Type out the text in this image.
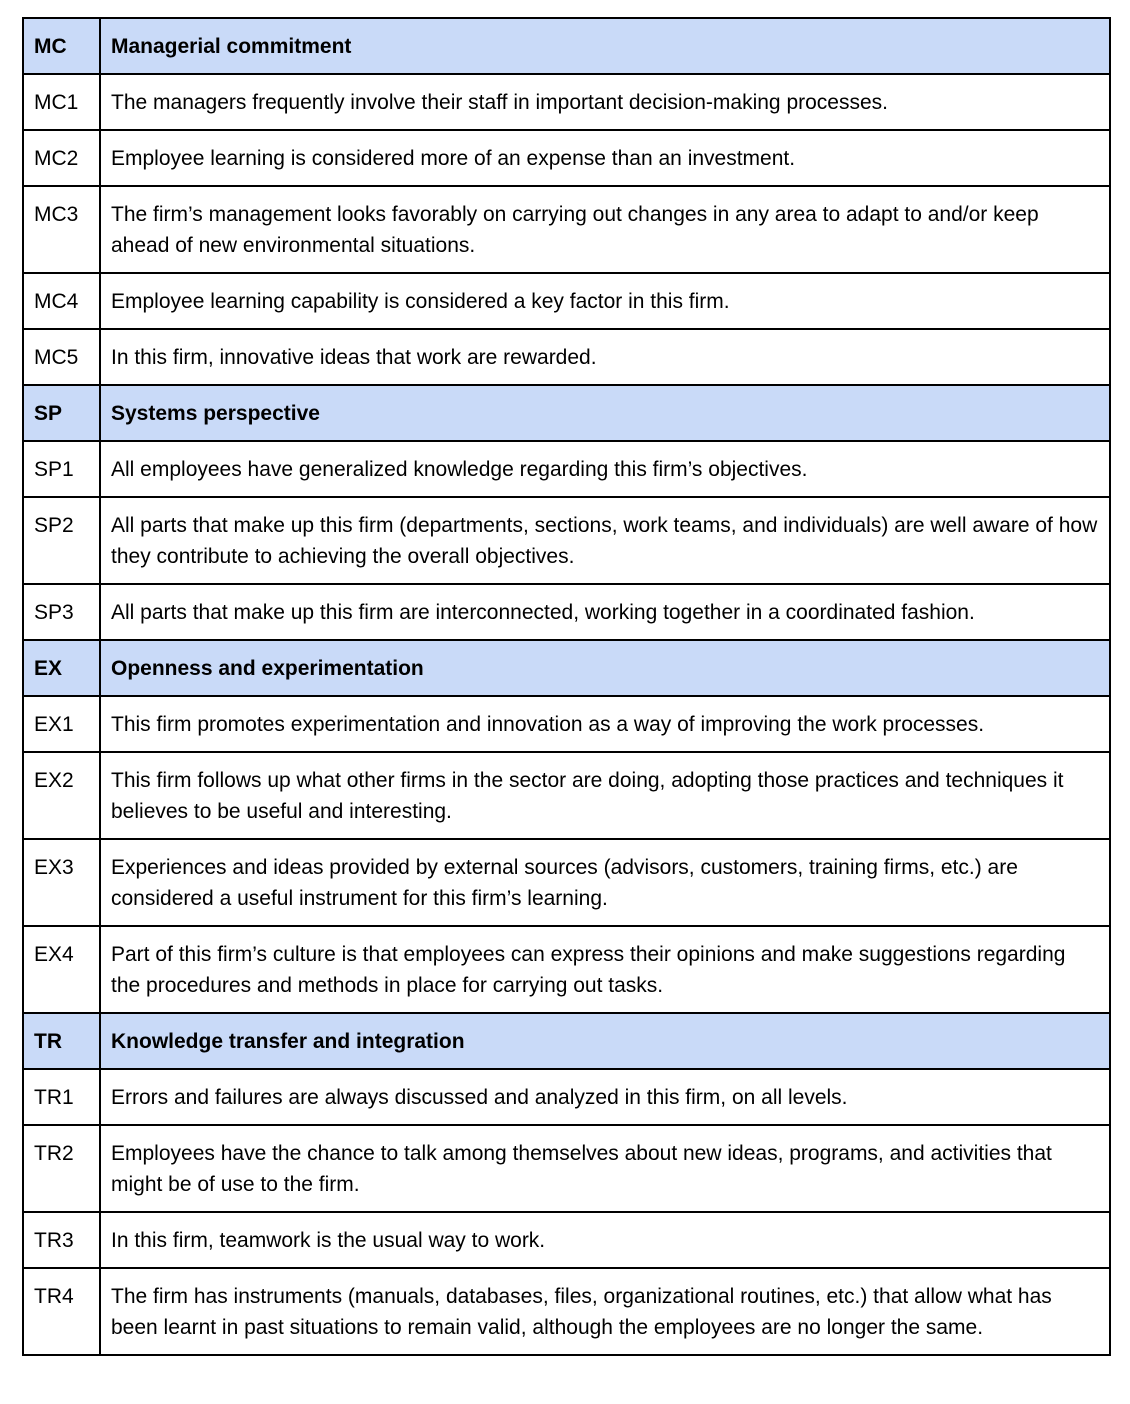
MC	Managerial commitment
MC1	The managers frequently involve their staff in important decision-making processes.
MC2	Employee learning is considered more of an expense than an investment.
MC3	The firm’s management looks favorably on carrying out changes in any area to adapt to and/or keep ahead of new environmental situations.
MC4	Employee learning capability is considered a key factor in this firm.
MC5	In this firm, innovative ideas that work are rewarded.
SP	Systems perspective
SP1	All employees have generalized knowledge regarding this firm’s objectives.
SP2	All parts that make up this firm (departments, sections, work teams, and individuals) are well aware of how they contribute to achieving the overall objectives.
SP3	All parts that make up this firm are interconnected, working together in a coordinated fashion.
EX	Openness and experimentation
EX1	This firm promotes experimentation and innovation as a way of improving the work processes.
EX2	This firm follows up what other firms in the sector are doing, adopting those practices and techniques it believes to be useful and interesting.
EX3	Experiences and ideas provided by external sources (advisors, customers, training firms, etc.) are considered a useful instrument for this firm’s learning.
EX4	Part of this firm’s culture is that employees can express their opinions and make suggestions regarding the procedures and methods in place for carrying out tasks.
TR	Knowledge transfer and integration
TR1	Errors and failures are always discussed and analyzed in this firm, on all levels.
TR2	Employees have the chance to talk among themselves about new ideas, programs, and activities that might be of use to the firm.
TR3	In this firm, teamwork is the usual way to work.
TR4	The firm has instruments (manuals, databases, files, organizational routines, etc.) that allow what has been learnt in past situations to remain valid, although the employees are no longer the same.
